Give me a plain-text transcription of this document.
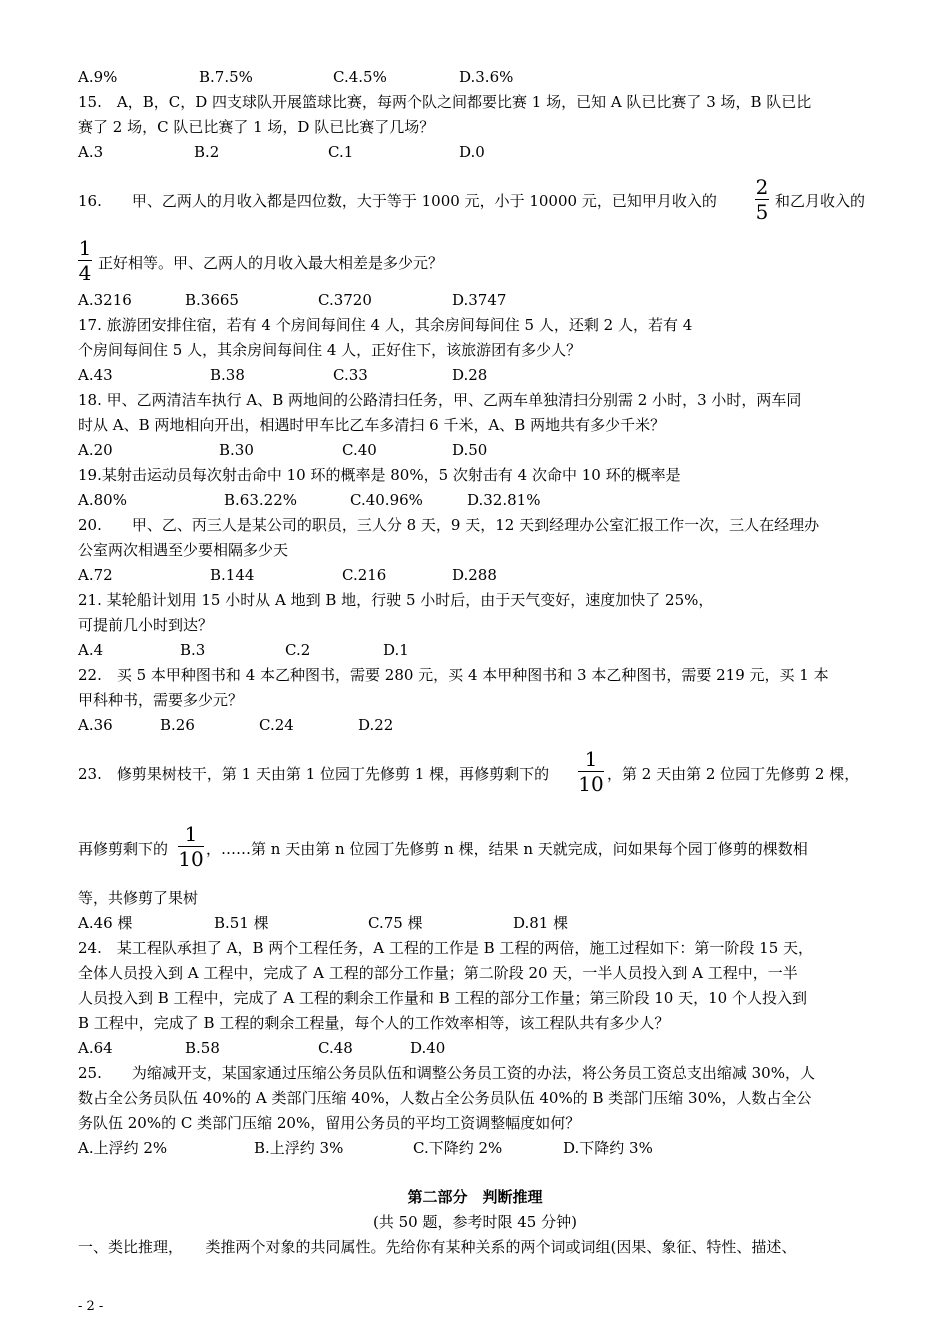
A.9%	B.7.5%	C.4.5%	D.3.6%
15.　A，B，C，D 四支球队开展篮球比赛，每两个队之间都要比赛 1 场，已知 A 队已比赛了 3 场，B 队已比
赛了 2 场，C 队已比赛了 1 场，D 队已比赛了几场？
A.3	B.2	C.1	D.0
16.　　甲、乙两人的月收入都是四位数，大于等于 1000 元，小于 10000 元，已知甲月收入的
2
5 和乙月收入的
1
4 正好相等。甲、乙两人的月收入最大相差是多少元？
A.3216	B.3665	C.3720	D.3747
17. 旅游团安排住宿，若有 4 个房间每间住 4 人，其余房间每间住 5 人，还剩 2 人，若有 4
个房间每间住 5 人，其余房间每间住 4 人，正好住下，该旅游团有多少人？
A.43	B.38	C.33	D.28
18. 甲、乙两清洁车执行 A、B 两地间的公路清扫任务，甲、乙两车单独清扫分别需 2 小时，3 小时，两车同
时从 A、B 两地相向开出，相遇时甲车比乙车多清扫 6 千米，A、B 两地共有多少千米？
A.20	B.30	C.40	D.50
19.某射击运动员每次射击命中 10 环的概率是 80%，5 次射击有 4 次命中 10 环的概率是
A.80%	B.63.22%	C.40.96%	D.32.81%
20.　　甲、乙、丙三人是某公司的职员，三人分 8 天，9 天，12 天到经理办公室汇报工作一次，三人在经理办
公室两次相遇至少要相隔多少天
A.72	B.144	C.216	D.288
21. 某轮船计划用 15 小时从 A 地到 B 地，行驶 5 小时后，由于天气变好，速度加快了 25%，
可提前几小时到达？
A.4	B.3	C.2	D.1
22.　买 5 本甲种图书和 4 本乙种图书，需要 280 元，买 4 本甲种图书和 3 本乙种图书，需要 219 元，买 1 本
甲科种书，需要多少元？
A.36	B.26	C.24	D.22
23.　修剪果树枝干，第 1 天由第 1 位园丁先修剪 1 棵，再修剪剩下的
1
10 ，第 2 天由第 2 位园丁先修剪 2 棵，
再修剪剩下的
1
10 ，……第 n 天由第 n 位园丁先修剪 n 棵，结果 n 天就完成，问如果每个园丁修剪的棵数相
等，共修剪了果树
A.46 棵	B.51 棵	C.75 棵	D.81 棵
24.　某工程队承担了 A，B 两个工程任务，A 工程的工作是 B 工程的两倍，施工过程如下：第一阶段 15 天，
全体人员投入到 A 工程中，完成了 A 工程的部分工作量；第二阶段 20 天，一半人员投入到 A 工程中，一半
人员投入到 B 工程中，完成了 A 工程的剩余工作量和 B 工程的部分工作量；第三阶段 10 天，10 个人投入到
B 工程中，完成了 B 工程的剩余工程量，每个人的工作效率相等，该工程队共有多少人？
A.64	B.58	C.48	D.40
25.　　为缩减开支，某国家通过压缩公务员队伍和调整公务员工资的办法，将公务员工资总支出缩减 30%，人
数占全公务员队伍 40%的 A 类部门压缩 40%，人数占全公务员队伍 40%的 B 类部门压缩 30%，人数占全公
务队伍 20%的 C 类部门压缩 20%，留用公务员的平均工资调整幅度如何？
A.上浮约 2%	B.上浮约 3%	C.下降约 2%	D.下降约 3%
第二部分　判断推理
(共 50 题，参考时限 45 分钟)
一、类比推理，　　类推两个对象的共同属性。先给你有某种关系的两个词或词组(因果、象征、特性、描述、
- 2 -
